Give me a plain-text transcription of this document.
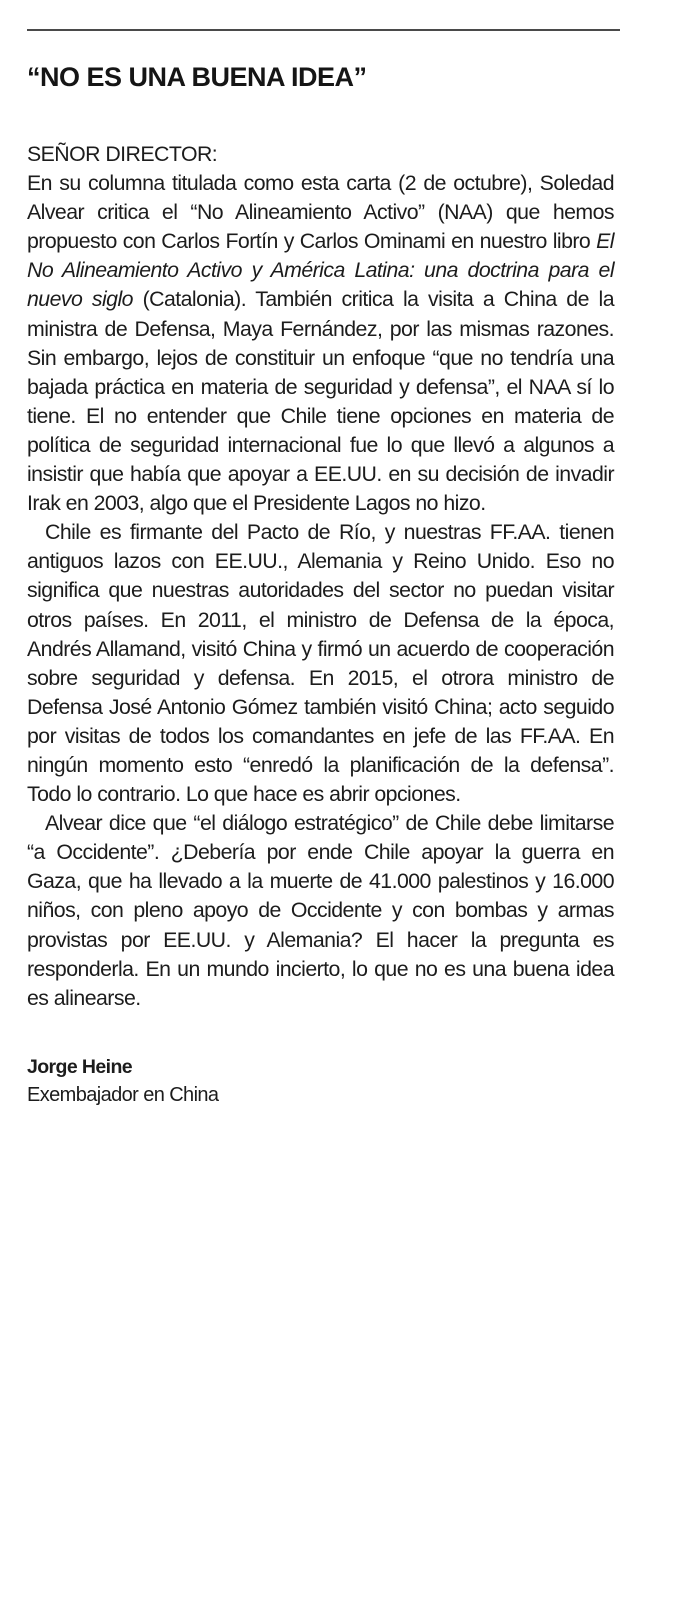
“NO ES UNA BUENA IDEA”

SEÑOR DIRECTOR:

En su columna titulada como esta carta (2 de octubre), Soledad Alvear critica el “No Alineamiento Activo” (NAA) que hemos propuesto con Carlos Fortín y Carlos Ominami en nuestro libro El No Alineamiento Activo y América Latina: una doctrina para el nuevo siglo (Catalonia). También critica la visita a China de la ministra de Defensa, Maya Fernández, por las mismas razones. Sin embargo, lejos de constituir un enfoque “que no tendría una bajada práctica en materia de seguridad y defensa”, el NAA sí lo tiene. El no entender que Chile tiene opciones en materia de política de seguridad internacional fue lo que llevó a algunos a insistir que había que apoyar a EE.UU. en su decisión de invadir Irak en 2003, algo que el Presidente Lagos no hizo.

Chile es firmante del Pacto de Río, y nuestras FF.AA. tienen antiguos lazos con EE.UU., Alemania y Reino Unido. Eso no significa que nuestras autoridades del sector no puedan visitar otros países. En 2011, el ministro de Defensa de la época, Andrés Allamand, visitó China y firmó un acuerdo de cooperación sobre seguridad y defensa. En 2015, el otrora ministro de Defensa José Antonio Gómez también visitó China; acto seguido por visitas de todos los comandantes en jefe de las FF.AA. En ningún momento esto “enredó la planificación de la defensa”. Todo lo contrario. Lo que hace es abrir opciones.

Alvear dice que “el diálogo estratégico” de Chile debe limitarse “a Occidente”. ¿Debería por ende Chile apoyar la guerra en Gaza, que ha llevado a la muerte de 41.000 palestinos y 16.000 niños, con pleno apoyo de Occidente y con bombas y armas provistas por EE.UU. y Alemania? El hacer la pregunta es responderla. En un mundo incierto, lo que no es una buena idea es alinearse.

Jorge Heine

Exembajador en China
